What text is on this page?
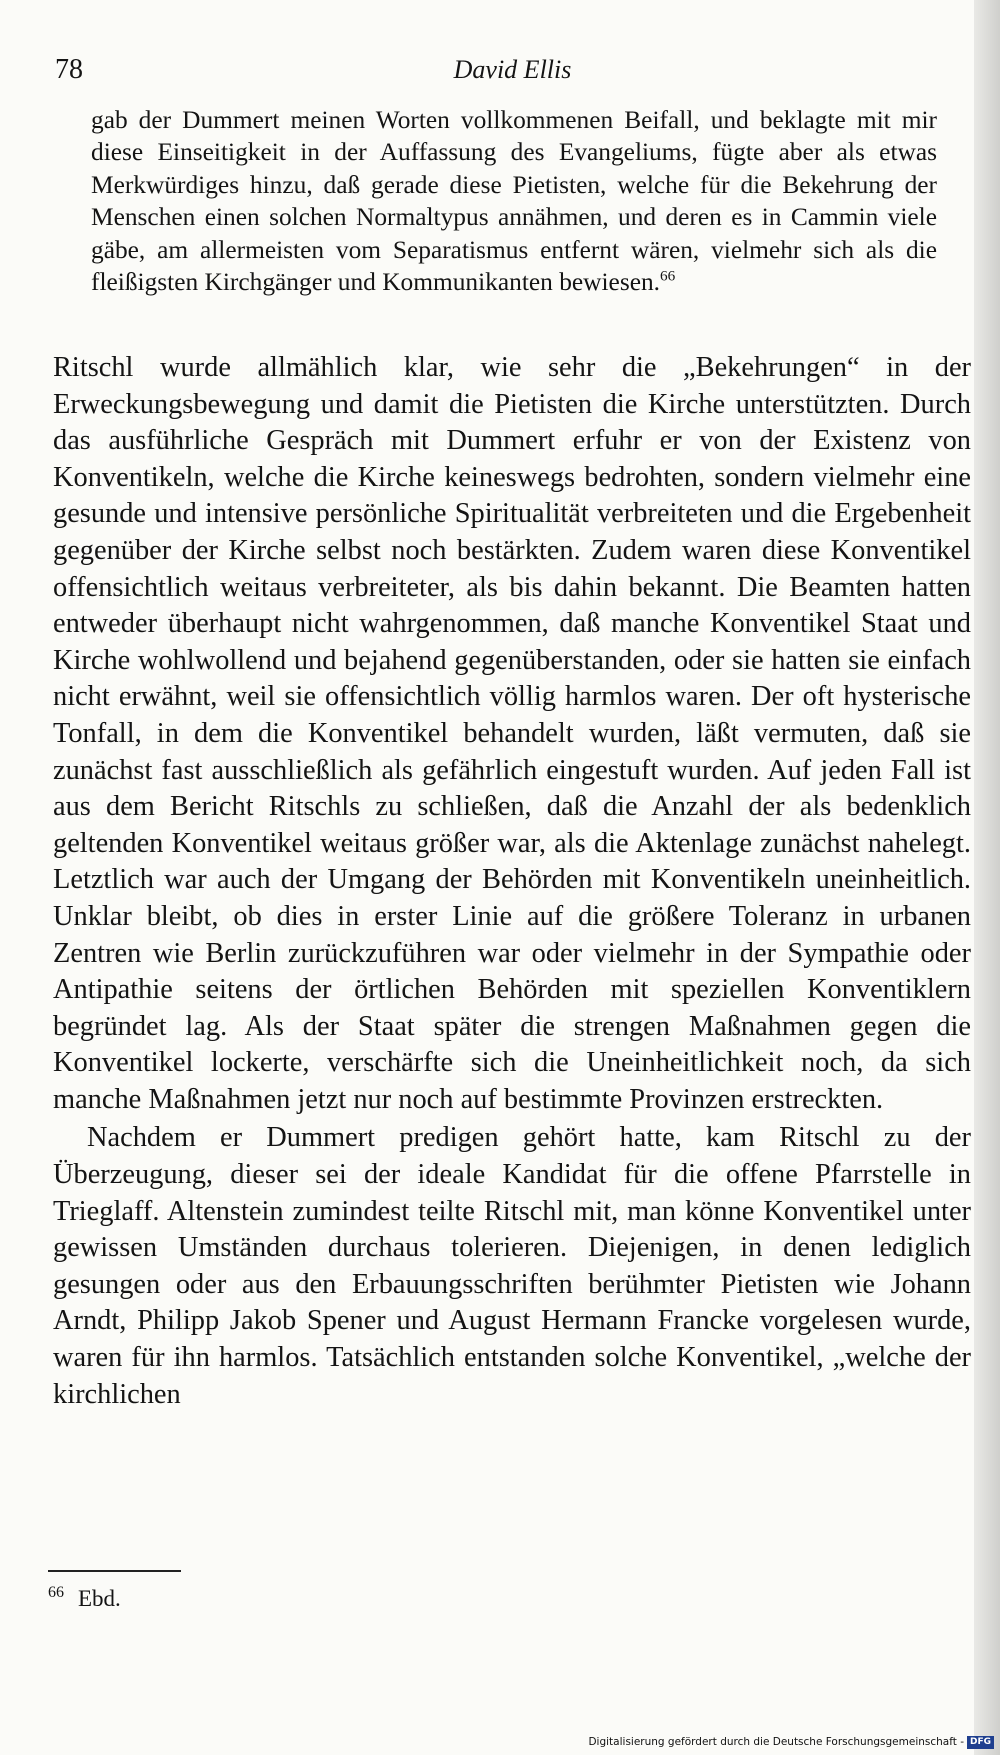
78	David Ellis

gab der Dummert meinen Worten vollkommenen Beifall, und beklagte mit mir diese Einseitigkeit in der Auffassung des Evangeliums, fügte aber als etwas Merkwürdiges hinzu, daß gerade diese Pietisten, welche für die Bekehrung der Menschen einen solchen Normaltypus annähmen, und deren es in Cammin viele gäbe, am allermeisten vom Separatismus entfernt wären, vielmehr sich als die fleißigsten Kirchgänger und Kommunikanten bewiesen.$^{66}$

Ritschl wurde allmählich klar, wie sehr die „Bekehrungen“ in der Erweckungsbewegung und damit die Pietisten die Kirche unterstützten. Durch das ausführliche Gespräch mit Dummert erfuhr er von der Existenz von Konventikeln, welche die Kirche keineswegs bedrohten, sondern vielmehr eine gesunde und intensive persönliche Spiritualität verbreiteten und die Ergebenheit gegenüber der Kirche selbst noch bestärkten. Zudem waren diese Konventikel offensichtlich weitaus verbreiteter, als bis dahin bekannt. Die Beamten hatten entweder überhaupt nicht wahrgenommen, daß manche Konventikel Staat und Kirche wohlwollend und bejahend gegenüberstanden, oder sie hatten sie einfach nicht erwähnt, weil sie offensichtlich völlig harmlos waren. Der oft hysterische Tonfall, in dem die Konventikel behandelt wurden, läßt vermuten, daß sie zunächst fast ausschließlich als gefährlich eingestuft wurden. Auf jeden Fall ist aus dem Bericht Ritschls zu schließen, daß die Anzahl der als bedenklich geltenden Konventikel weitaus größer war, als die Aktenlage zunächst nahelegt. Letztlich war auch der Umgang der Behörden mit Konventikeln uneinheitlich. Unklar bleibt, ob dies in erster Linie auf die größere Toleranz in urbanen Zentren wie Berlin zurückzuführen war oder vielmehr in der Sympathie oder Antipathie seitens der örtlichen Behörden mit speziellen Konventiklern begründet lag. Als der Staat später die strengen Maßnahmen gegen die Konventikel lockerte, verschärfte sich die Uneinheitlichkeit noch, da sich manche Maßnahmen jetzt nur noch auf bestimmte Provinzen erstreckten.

Nachdem er Dummert predigen gehört hatte, kam Ritschl zu der Überzeugung, dieser sei der ideale Kandidat für die offene Pfarrstelle in Trieglaff. Altenstein zumindest teilte Ritschl mit, man könne Konventikel unter gewissen Umständen durchaus tolerieren. Diejenigen, in denen lediglich gesungen oder aus den Erbauungsschriften berühmter Pietisten wie Johann Arndt, Philipp Jakob Spener und August Hermann Francke vorgelesen wurde, waren für ihn harmlos. Tatsächlich entstanden solche Konventikel, „welche der kirchlichen

$^{66}$ Ebd.
Digitalisierung gefördert durch die Deutsche Forschungsgemeinschaft - DFG
